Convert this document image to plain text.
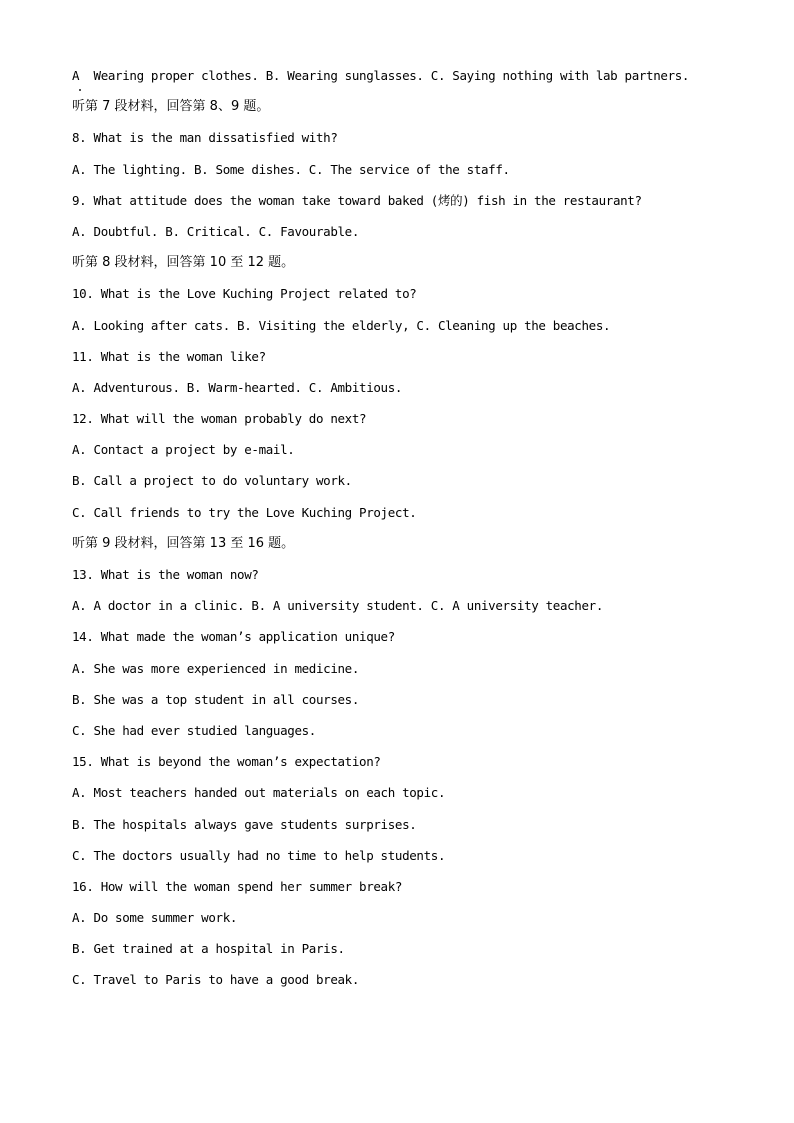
A  Wearing proper clothes. B. Wearing sunglasses. C. Saying nothing with lab partners.
听第 7 段材料，回答第 8、9 题。
8. What is the man dissatisfied with?
A. The lighting. B. Some dishes. C. The service of the staff.
9. What attitude does the woman take toward baked (烤的) fish in the restaurant?
A. Doubtful. B. Critical. C. Favourable.
听第 8 段材料，回答第 10 至 12 题。
10. What is the Love Kuching Project related to?
A. Looking after cats. B. Visiting the elderly, C. Cleaning up the beaches.
11. What is the woman like?
A. Adventurous. B. Warm-hearted. C. Ambitious.
12. What will the woman probably do next?
A. Contact a project by e-mail.
B. Call a project to do voluntary work.
C. Call friends to try the Love Kuching Project.
听第 9 段材料，回答第 13 至 16 题。
13. What is the woman now?
A. A doctor in a clinic. B. A university student. C. A university teacher.
14. What made the woman’s application unique?
A. She was more experienced in medicine.
B. She was a top student in all courses.
C. She had ever studied languages.
15. What is beyond the woman’s expectation?
A. Most teachers handed out materials on each topic.
B. The hospitals always gave students surprises.
C. The doctors usually had no time to help students.
16. How will the woman spend her summer break?
A. Do some summer work.
B. Get trained at a hospital in Paris.
C. Travel to Paris to have a good break.
